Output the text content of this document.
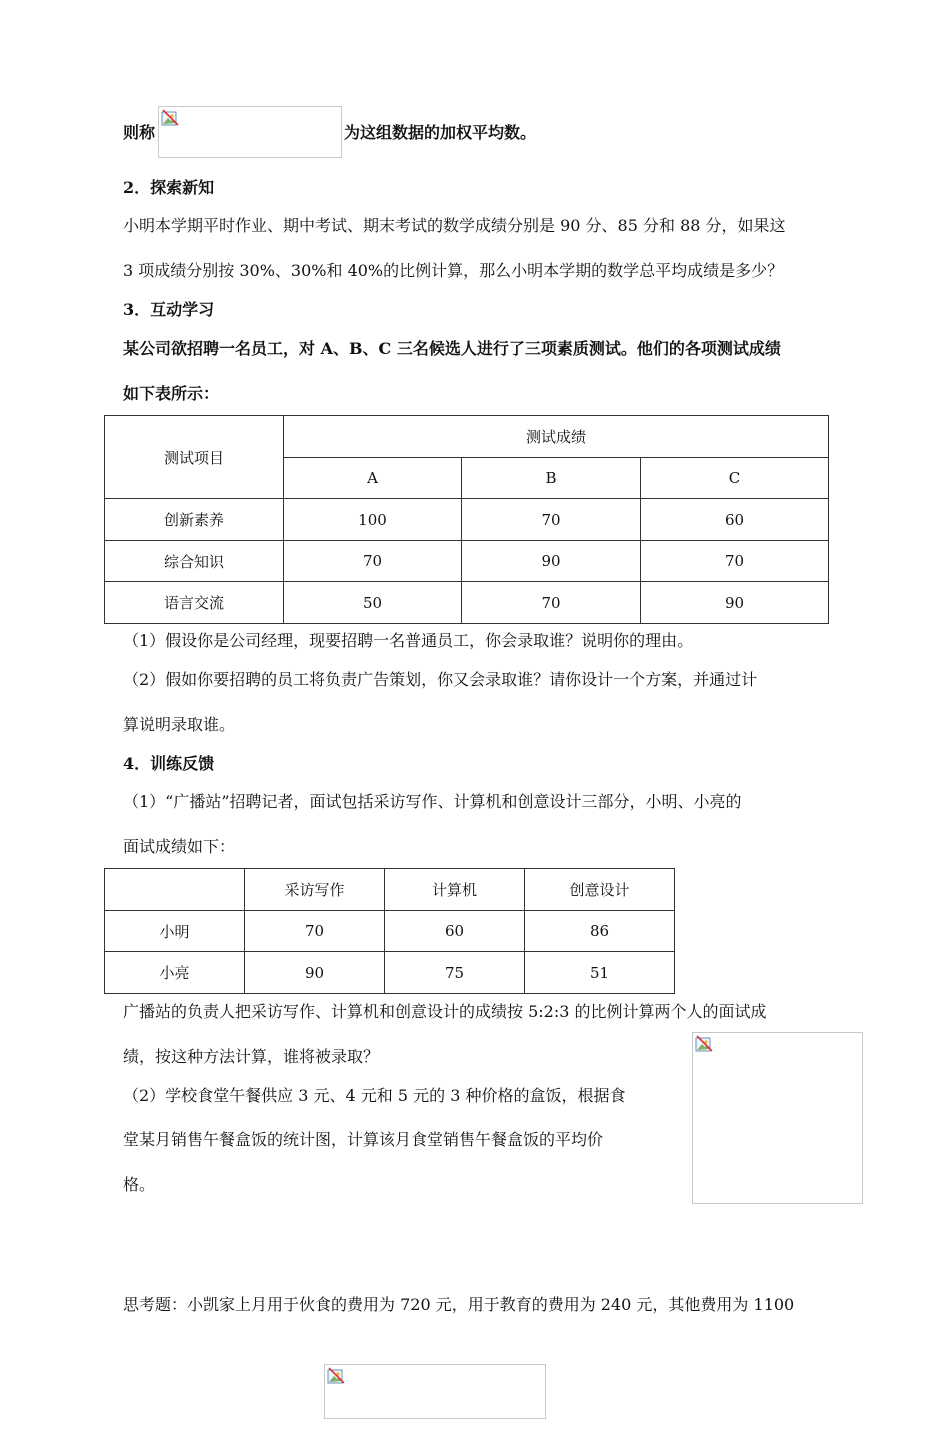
则称	为这组数据的加权平均数。
2．探索新知
小明本学期平时作业、期中考试、期末考试的数学成绩分别是 90 分、85 分和 88 分，如果这
3 项成绩分别按 30%、30%和 40%的比例计算，那么小明本学期的数学总平均成绩是多少？
3．互动学习
某公司欲招聘一名员工，对 A、B、C 三名候选人进行了三项素质测试。他们的各项测试成绩
如下表所示：
测试项目	测试成绩		
	A	B	C
创新素养	100	70	60
综合知识	70	90	70
语言交流	50	70	90
（1）假设你是公司经理，现要招聘一名普通员工，你会录取谁？说明你的理由。
（2）假如你要招聘的员工将负责广告策划，你又会录取谁？请你设计一个方案，并通过计
算说明录取谁。
4．训练反馈
（1）“广播站”招聘记者，面试包括采访写作、计算机和创意设计三部分，小明、小亮的
面试成绩如下：
	采访写作	计算机	创意设计
小明	70	60	86
小亮	90	75	51
广播站的负责人把采访写作、计算机和创意设计的成绩按 5:2:3 的比例计算两个人的面试成
绩，按这种方法计算，谁将被录取？
（2）学校食堂午餐供应 3 元、4 元和 5 元的 3 种价格的盒饭，根据食
堂某月销售午餐盒饭的统计图，计算该月食堂销售午餐盒饭的平均价
格。
思考题：小凯家上月用于伙食的费用为 720 元，用于教育的费用为 240 元，其他费用为 1100
